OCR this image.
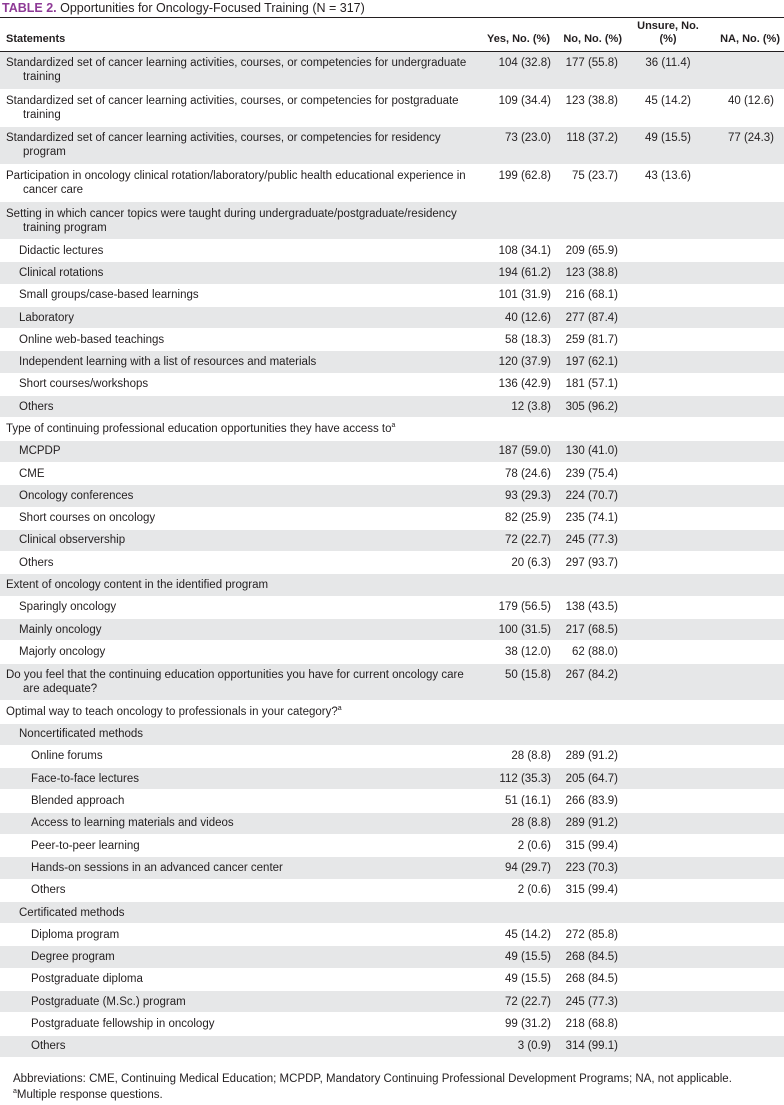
TABLE 2. Opportunities for Oncology-Focused Training (N = 317)
Statements	Yes, No. (%)	No, No. (%)	Unsure, No. (%)	NA, No. (%)
Standardized set of cancer learning activities, courses, or competencies for undergraduate training	104 (32.8)	177 (55.8)	36 (11.4)	
Standardized set of cancer learning activities, courses, or competencies for postgraduate training	109 (34.4)	123 (38.8)	45 (14.2)	40 (12.6)
Standardized set of cancer learning activities, courses, or competencies for residency program	73 (23.0)	118 (37.2)	49 (15.5)	77 (24.3)
Participation in oncology clinical rotation/laboratory/public health educational experience in cancer care	199 (62.8)	75 (23.7)	43 (13.6)	
Setting in which cancer topics were taught during undergraduate/postgraduate/residency training program				
Didactic lectures	108 (34.1)	209 (65.9)		
Clinical rotations	194 (61.2)	123 (38.8)		
Small groups/case-based learnings	101 (31.9)	216 (68.1)		
Laboratory	40 (12.6)	277 (87.4)		
Online web-based teachings	58 (18.3)	259 (81.7)		
Independent learning with a list of resources and materials	120 (37.9)	197 (62.1)		
Short courses/workshops	136 (42.9)	181 (57.1)		
Others	12 (3.8)	305 (96.2)		
Type of continuing professional education opportunities they have access $to^a$				
MCPDP	187 (59.0)	130 (41.0)		
CME	78 (24.6)	239 (75.4)		
Oncology conferences	93 (29.3)	224 (70.7)		
Short courses on oncology	82 (25.9)	235 (74.1)		
Clinical observership	72 (22.7)	245 (77.3)		
Others	20 (6.3)	297 (93.7)		
Extent of oncology content in the identified program				
Sparingly oncology	179 (56.5)	138 (43.5)		
Mainly oncology	100 (31.5)	217 (68.5)		
Majorly oncology	38 (12.0)	62 (88.0)		
Do you feel that the continuing education opportunities you have for current oncology care are adequate?	50 (15.8)	267 (84.2)		
Optimal way to teach oncology to professionals in your category?$^a$				
Noncertificated methods				
Online forums	28 (8.8)	289 (91.2)		
Face-to-face lectures	112 (35.3)	205 (64.7)		
Blended approach	51 (16.1)	266 (83.9)		
Access to learning materials and videos	28 (8.8)	289 (91.2)		
Peer-to-peer learning	2 (0.6)	315 (99.4)		
Hands-on sessions in an advanced cancer center	94 (29.7)	223 (70.3)		
Others	2 (0.6)	315 (99.4)		
Certificated methods				
Diploma program	45 (14.2)	272 (85.8)		
Degree program	49 (15.5)	268 (84.5)		
Postgraduate diploma	49 (15.5)	268 (84.5)		
Postgraduate (M.Sc.) program	72 (22.7)	245 (77.3)		
Postgraduate fellowship in oncology	99 (31.2)	218 (68.8)		
Others	3 (0.9)	314 (99.1)		
Abbreviations: CME, Continuing Medical Education; MCPDP, Mandatory Continuing Professional Development Programs; NA, not applicable.
$^a$Multiple response questions.
